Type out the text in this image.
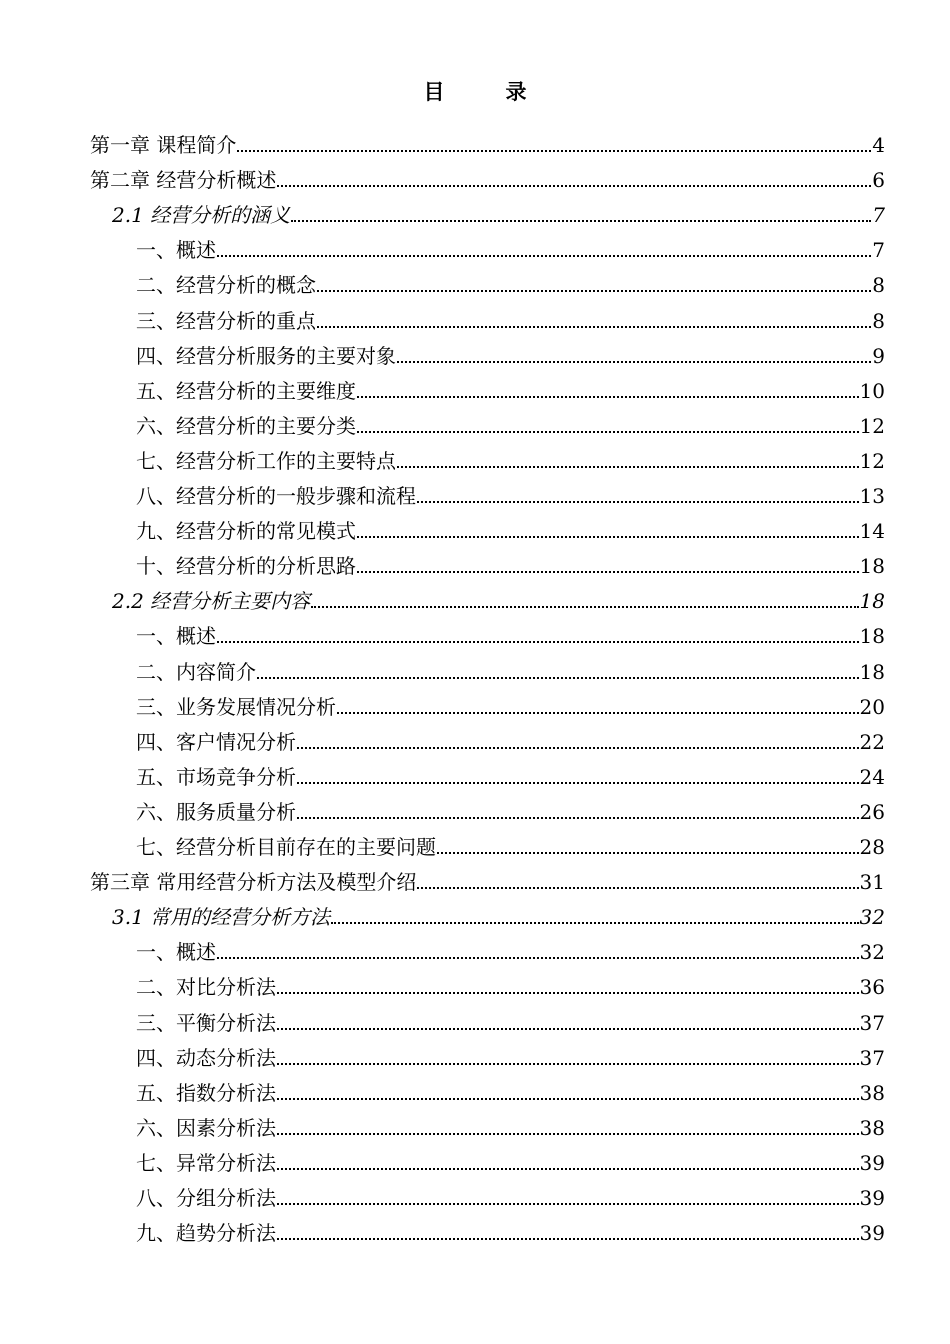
目　录
第一章 课程简介	4
第二章 经营分析概述	6
2.1 经营分析的涵义	7
一、概述	7
二、经营分析的概念	8
三、经营分析的重点	8
四、经营分析服务的主要对象	9
五、经营分析的主要维度	10
六、经营分析的主要分类	12
七、经营分析工作的主要特点	12
八、经营分析的一般步骤和流程	13
九、经营分析的常见模式	14
十、经营分析的分析思路	18
2.2 经营分析主要内容	18
一、概述	18
二、内容简介	18
三、业务发展情况分析	20
四、客户情况分析	22
五、市场竞争分析	24
六、服务质量分析	26
七、经营分析目前存在的主要问题	28
第三章 常用经营分析方法及模型介绍	31
3.1 常用的经营分析方法	32
一、概述	32
二、对比分析法	36
三、平衡分析法	37
四、动态分析法	37
五、指数分析法	38
六、因素分析法	38
七、异常分析法	39
八、分组分析法	39
九、趋势分析法	39
